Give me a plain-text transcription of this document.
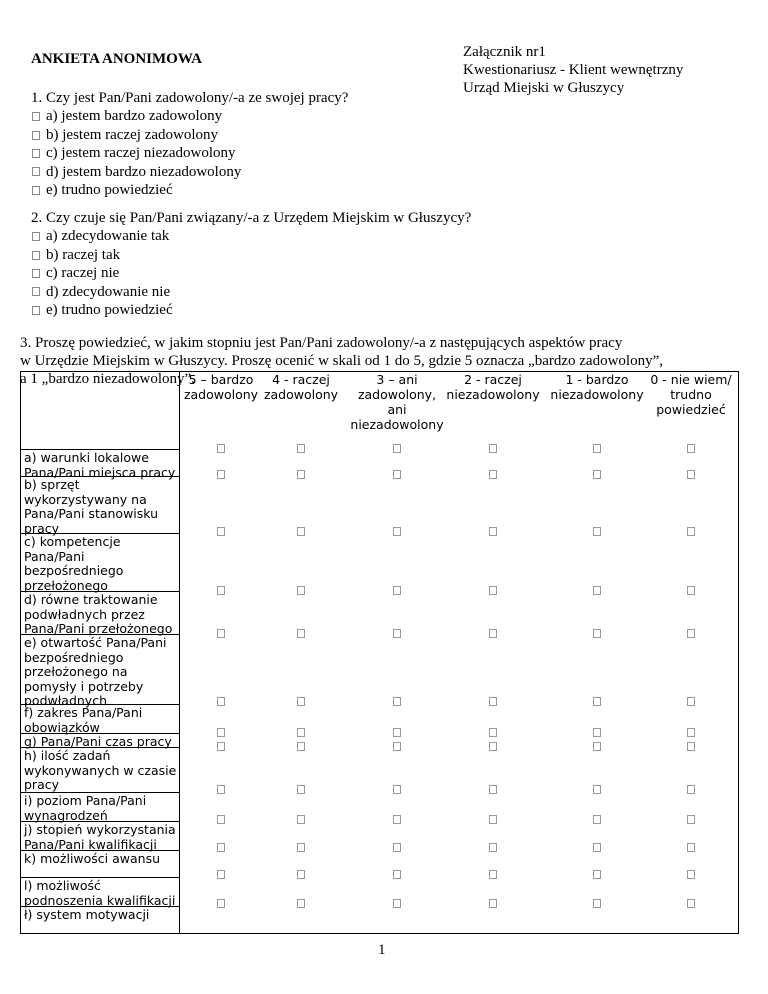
ANKIETA ANONIMOWA	Załącznik nr1
Kwestionariusz - Klient wewnętrzny
Urząd Miejski w Głuszycy
1. Czy jest Pan/Pani zadowolony/-a ze swojej pracy?
a) jestem bardzo zadowolony
b) jestem raczej zadowolony
c) jestem raczej niezadowolony
d) jestem bardzo niezadowolony
e) trudno powiedzieć
2. Czy czuje się Pan/Pani związany/-a z Urzędem Miejskim w Głuszycy?
a) zdecydowanie tak
b) raczej tak
c) raczej nie
d) zdecydowanie nie
e) trudno powiedzieć
3. Proszę powiedzieć, w jakim stopniu jest Pan/Pani zadowolony/-a z następujących aspektów pracy
w Urzędzie Miejskim w Głuszycy. Proszę ocenić w skali od 1 do 5, gdzie 5 oznacza „bardzo zadowolony”,
a 1 „bardzo niezadowolony”.
5 – bardzo
zadowolony
4 - raczej
zadowolony
3 – ani
zadowolony,
ani
niezadowolony
2 - raczej
niezadowolony
1 - bardzo
niezadowolony
0 - nie wiem/
trudno
powiedzieć
a) warunki lokalowe
Pana/Pani miejsca pracy
b) sprzęt
wykorzystywany na
Pana/Pani stanowisku
pracy
c) kompetencje
Pana/Pani
bezpośredniego
przełożonego
d) równe traktowanie
podwładnych przez
Pana/Pani przełożonego
e) otwartość Pana/Pani
bezpośredniego
przełożonego na
pomysły i potrzeby
podwładnych
f) zakres Pana/Pani
obowiązków
g) Pana/Pani czas pracy
h) ilość zadań
wykonywanych w czasie
pracy
i) poziom Pana/Pani
wynagrodzeń
j) stopień wykorzystania
Pana/Pani kwalifikacji
k) możliwości awansu
l) możliwość
podnoszenia kwalifikacji
ł) system motywacji
1
